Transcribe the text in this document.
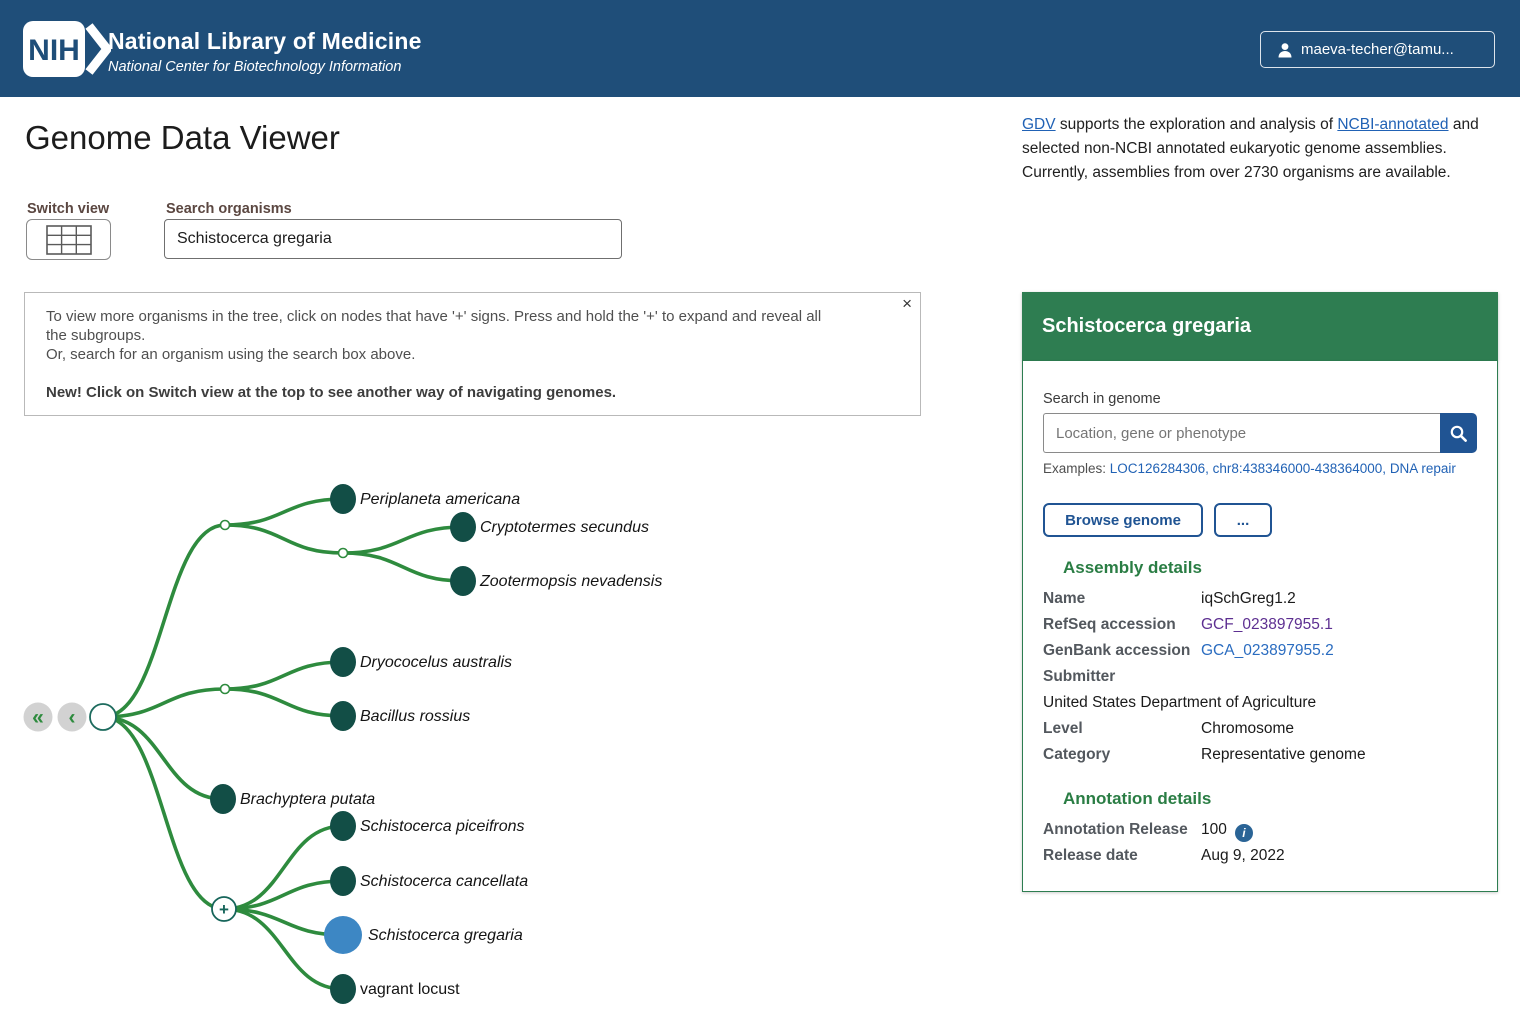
NIH National Library of Medicine
National Center for Biotechnology Information
maeva-techer@tamu...
Genome Data Viewer
Switch view	Search organisms
Schistocerca gregaria
×

To view more organisms in the tree, click on nodes that have '+' signs. Press and hold the '+' to expand and reveal all the subgroups.

Or, search for an organism using the search box above.

New! Click on Switch view at the top to see another way of navigating genomes.

+
« ‹
Periplaneta americana
Cryptotermes secundus
Zootermopsis nevadensis
Dryococelus australis
Bacillus rossius
Brachyptera putata
Schistocerca piceifrons
Schistocerca cancellata
Schistocerca gregaria
vagrant locust

GDV supports the exploration and analysis of NCBI-annotated and selected non-NCBI annotated eukaryotic genome assemblies. Currently, assemblies from over 2730 organisms are available.

Schistocerca gregaria
Search in genome
Location, gene or phenotype
Examples: LOC126284306, chr8:438346000-438364000, DNA repair
Browse genome	...
Assembly details
Name	iqSchGreg1.2
RefSeq accession	GCF_023897955.1
GenBank accession GCA_023897955.2
Submitter
United States Department of Agriculture
Level	Chromosome
Category	Representative genome
Annotation details
Annotation Release 100 i
Release date	Aug 9, 2022
